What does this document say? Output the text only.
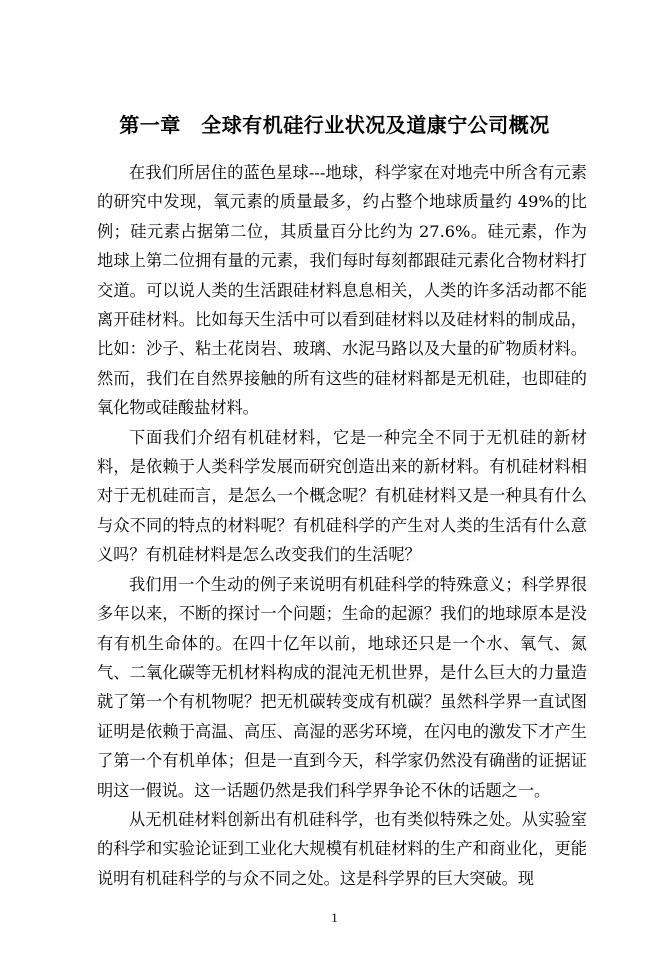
第一章　全球有机硅行业状况及道康宁公司概况

在我们所居住的蓝色星球---地球，科学家在对地壳中所含有元素的研究中发现，氧元素的质量最多，约占整个地球质量约 49%的比例；硅元素占据第二位，其质量百分比约为 27.6%。硅元素，作为地球上第二位拥有量的元素，我们每时每刻都跟硅元素化合物材料打交道。可以说人类的生活跟硅材料息息相关，人类的许多活动都不能离开硅材料。比如每天生活中可以看到硅材料以及硅材料的制成品，比如：沙子、粘土花岗岩、玻璃、水泥马路以及大量的矿物质材料。然而，我们在自然界接触的所有这些的硅材料都是无机硅，也即硅的氧化物或硅酸盐材料。

下面我们介绍有机硅材料，它是一种完全不同于无机硅的新材料，是依赖于人类科学发展而研究创造出来的新材料。有机硅材料相对于无机硅而言，是怎么一个概念呢？有机硅材料又是一种具有什么与众不同的特点的材料呢？有机硅科学的产生对人类的生活有什么意义吗？有机硅材料是怎么改变我们的生活呢？

我们用一个生动的例子来说明有机硅科学的特殊意义；科学界很多年以来，不断的探讨一个问题；生命的起源？我们的地球原本是没有有机生命体的。在四十亿年以前，地球还只是一个水、氧气、氮气、二氧化碳等无机材料构成的混沌无机世界，是什么巨大的力量造就了第一个有机物呢？把无机碳转变成有机碳？虽然科学界一直试图证明是依赖于高温、高压、高湿的恶劣环境，在闪电的激发下才产生了第一个有机单体；但是一直到今天，科学家仍然没有确凿的证据证明这一假说。这一话题仍然是我们科学界争论不休的话题之一。

从无机硅材料创新出有机硅科学，也有类似特殊之处。从实验室的科学和实验论证到工业化大规模有机硅材料的生产和商业化，更能说明有机硅科学的与众不同之处。这是科学界的巨大突破。现

1
